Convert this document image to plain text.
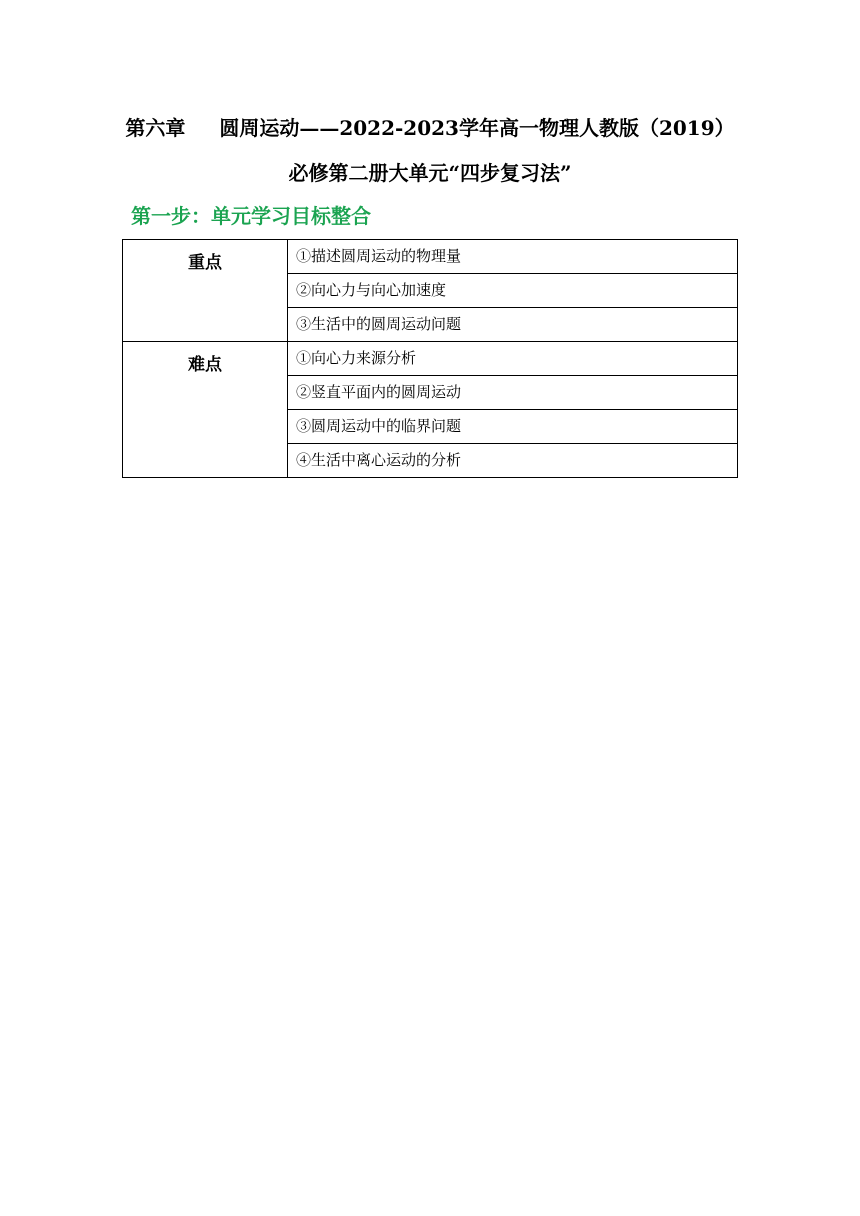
第六章 圆周运动——2022-2023学年高一物理人教版（2019）
必修第二册大单元“四步复习法”
第一步：单元学习目标整合
重点	①描述圆周运动的物理量
	②向心力与向心加速度
	③生活中的圆周运动问题
难点	①向心力来源分析
	②竖直平面内的圆周运动
	③圆周运动中的临界问题
	④生活中离心运动的分析
